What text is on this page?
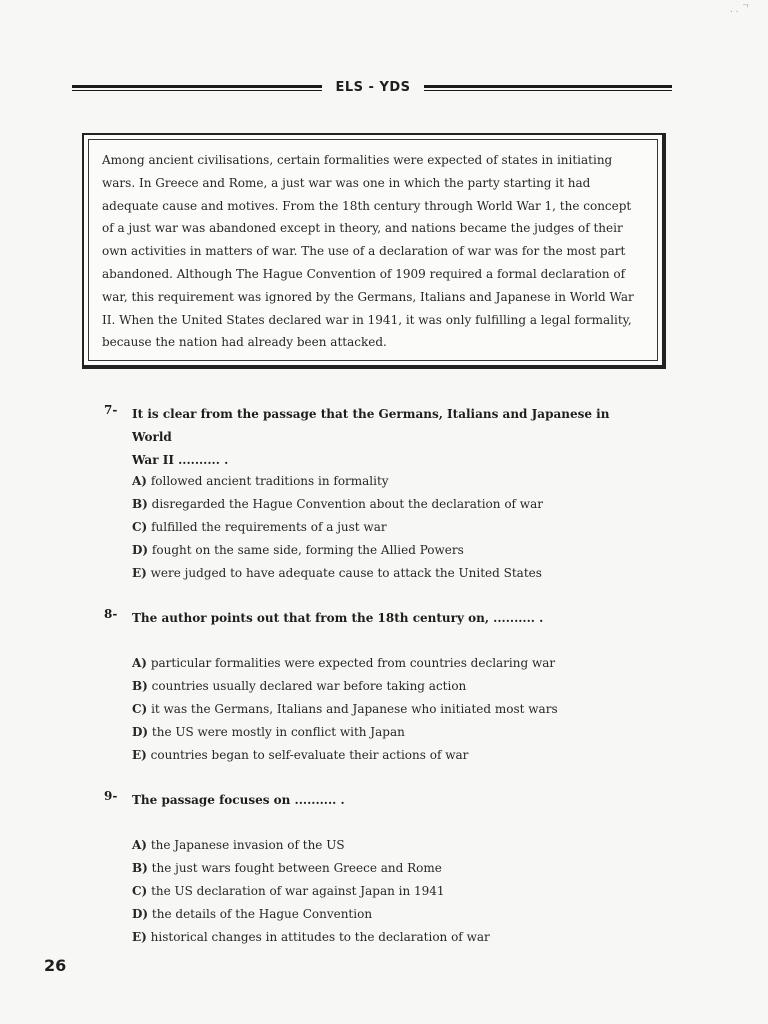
. . ᄀ
ELS - YDS
Among ancient civilisations, certain formalities were expected of states in initiating
wars. In Greece and Rome, a just war was one in which the party starting it had
adequate cause and motives. From the 18th century through World War 1, the concept
of a just war was abandoned except in theory, and nations became the judges of their
own activities in matters of war. The use of a declaration of war was for the most part
abandoned. Although The Hague Convention of 1909 required a formal declaration of
war, this requirement was ignored by the Germans, Italians and Japanese in World War
II. When the United States declared war in 1941, it was only fulfilling a legal formality,
because the nation had already been attacked.
7- It is clear from the passage that the Germans, Italians and Japanese in World
War II .......... .
A) followed ancient traditions in formality
B) disregarded the Hague Convention about the declaration of war
C) fulfilled the requirements of a just war
D) fought on the same side, forming the Allied Powers
E) were judged to have adequate cause to attack the United States
8- The author points out that from the 18th century on, .......... .
A) particular formalities were expected from countries declaring war
B) countries usually declared war before taking action
C) it was the Germans, Italians and Japanese who initiated most wars
D) the US were mostly in conflict with Japan
E) countries began to self-evaluate their actions of war
9- The passage focuses on .......... .
A) the Japanese invasion of the US
B) the just wars fought between Greece and Rome
C) the US declaration of war against Japan in 1941
D) the details of the Hague Convention
E) historical changes in attitudes to the declaration of war
26
